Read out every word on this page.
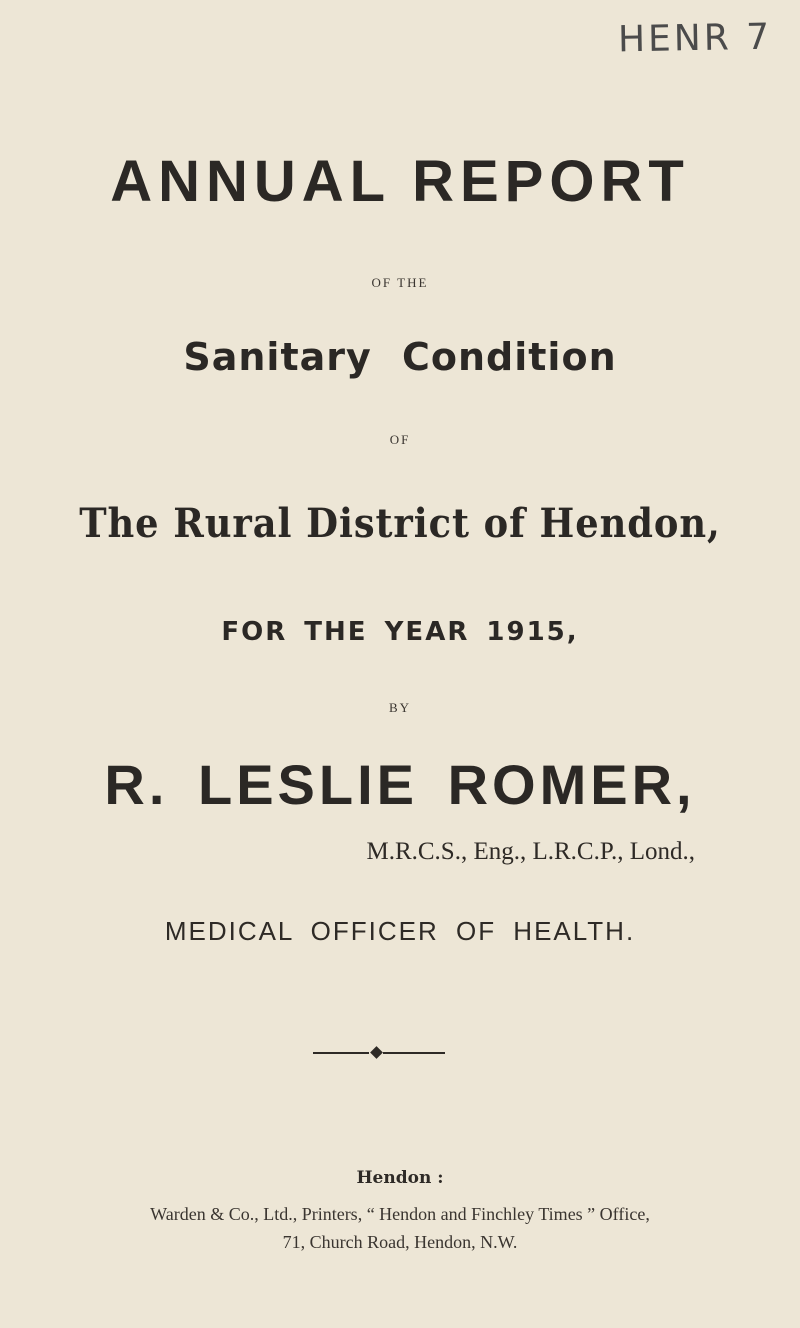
HENR 7
ANNUAL REPORT
OF THE
Sanitary Condition
OF
The Rural District of Hendon,
FOR THE YEAR 1915,
BY
R. LESLIE ROMER,
M.R.C.S., Eng., L.R.C.P., Lond.,
MEDICAL OFFICER OF HEALTH.
Hendon :
Warden & Co., Ltd., Printers, “ Hendon and Finchley Times ” Office,
71, Church Road, Hendon, N.W.
